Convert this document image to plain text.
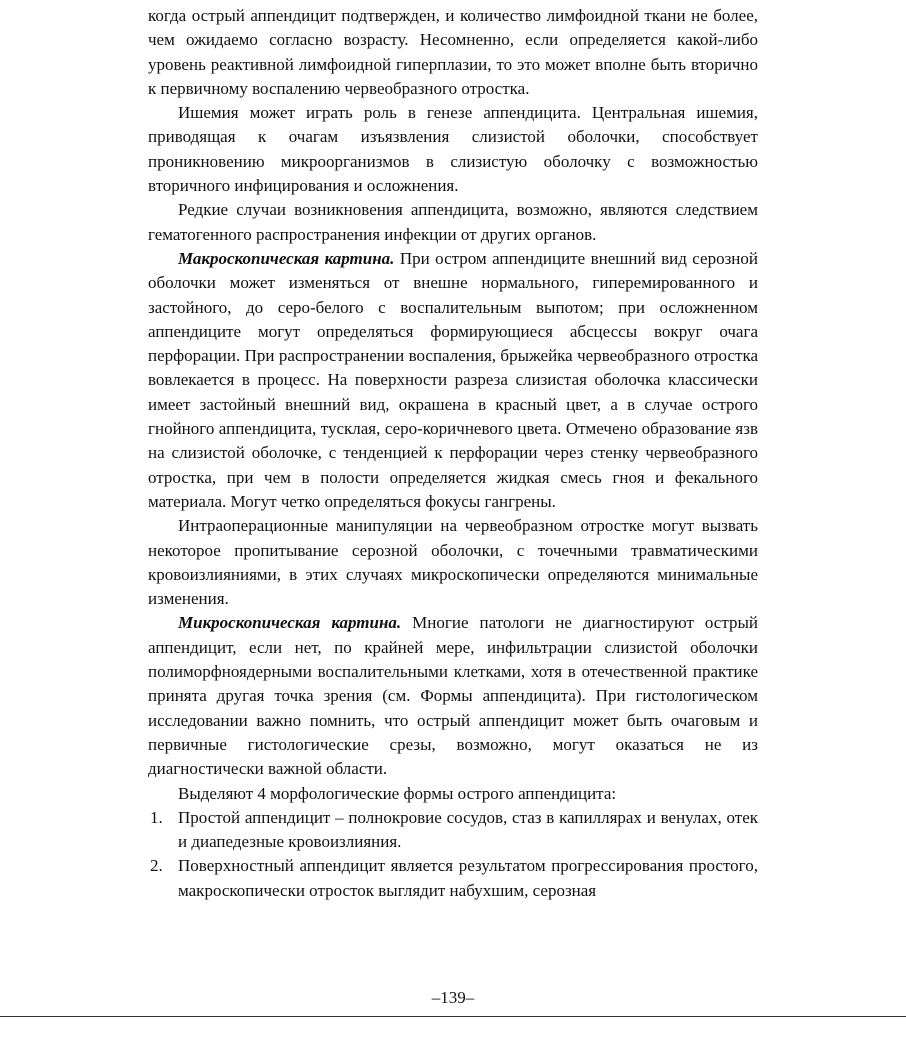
когда острый аппендицит подтвержден, и количество лимфоидной ткани не более, чем ожидаемо согласно возрасту. Несомненно, если определяется какой-либо уровень реактивной лимфоидной гиперплазии, то это может вполне быть вторично к первичному воспалению червеобразного отростка.

Ишемия может играть роль в генезе аппендицита. Центральная ишемия, приводящая к очагам изъязвления слизистой оболочки, способствует проникновению микроорганизмов в слизистую оболочку с возможностью вторичного инфицирования и осложнения.

Редкие случаи возникновения аппендицита, возможно, являются следствием гематогенного распространения инфекции от других органов.

Макроскопическая картина. При остром аппендиците внешний вид серозной оболочки может изменяться от внешне нормального, гиперемированного и застойного, до серо-белого с воспалительным выпотом; при осложненном аппендиците могут определяться формирующиеся абсцессы вокруг очага перфорации. При распространении воспаления, брыжейка червеобразного отростка вовлекается в процесс. На поверхности разреза слизистая оболочка классически имеет застойный внешний вид, окрашена в красный цвет, а в случае острого гнойного аппендицита, тусклая, серо-коричневого цвета. Отмечено образование язв на слизистой оболочке, с тенденцией к перфорации через стенку червеобразного отростка, при чем в полости определяется жидкая смесь гноя и фекального материала. Могут четко определяться фокусы гангрены.

Интраоперационные манипуляции на червеобразном отростке могут вызвать некоторое пропитывание серозной оболочки, с точечными травматическими кровоизлияниями, в этих случаях микроскопически определяются минимальные изменения.

Микроскопическая картина. Многие патологи не диагностируют острый аппендицит, если нет, по крайней мере, инфильтрации слизистой оболочки полиморфноядерными воспалительными клетками, хотя в отечественной практике принята другая точка зрения (см. Формы аппендицита). При гистологическом исследовании важно помнить, что острый аппендицит может быть очаговым и первичные гистологические срезы, возможно, могут оказаться не из диагностически важной области.

Выделяют 4 морфологические формы острого аппендицита:

1. Простой аппендицит – полнокровие сосудов, стаз в капиллярах и венулах, отек и диапедезные кровоизлияния.
2. Поверхностный аппендицит является результатом прогрессирования простого, макроскопически отросток выглядит набухшим, серозная
–139–
